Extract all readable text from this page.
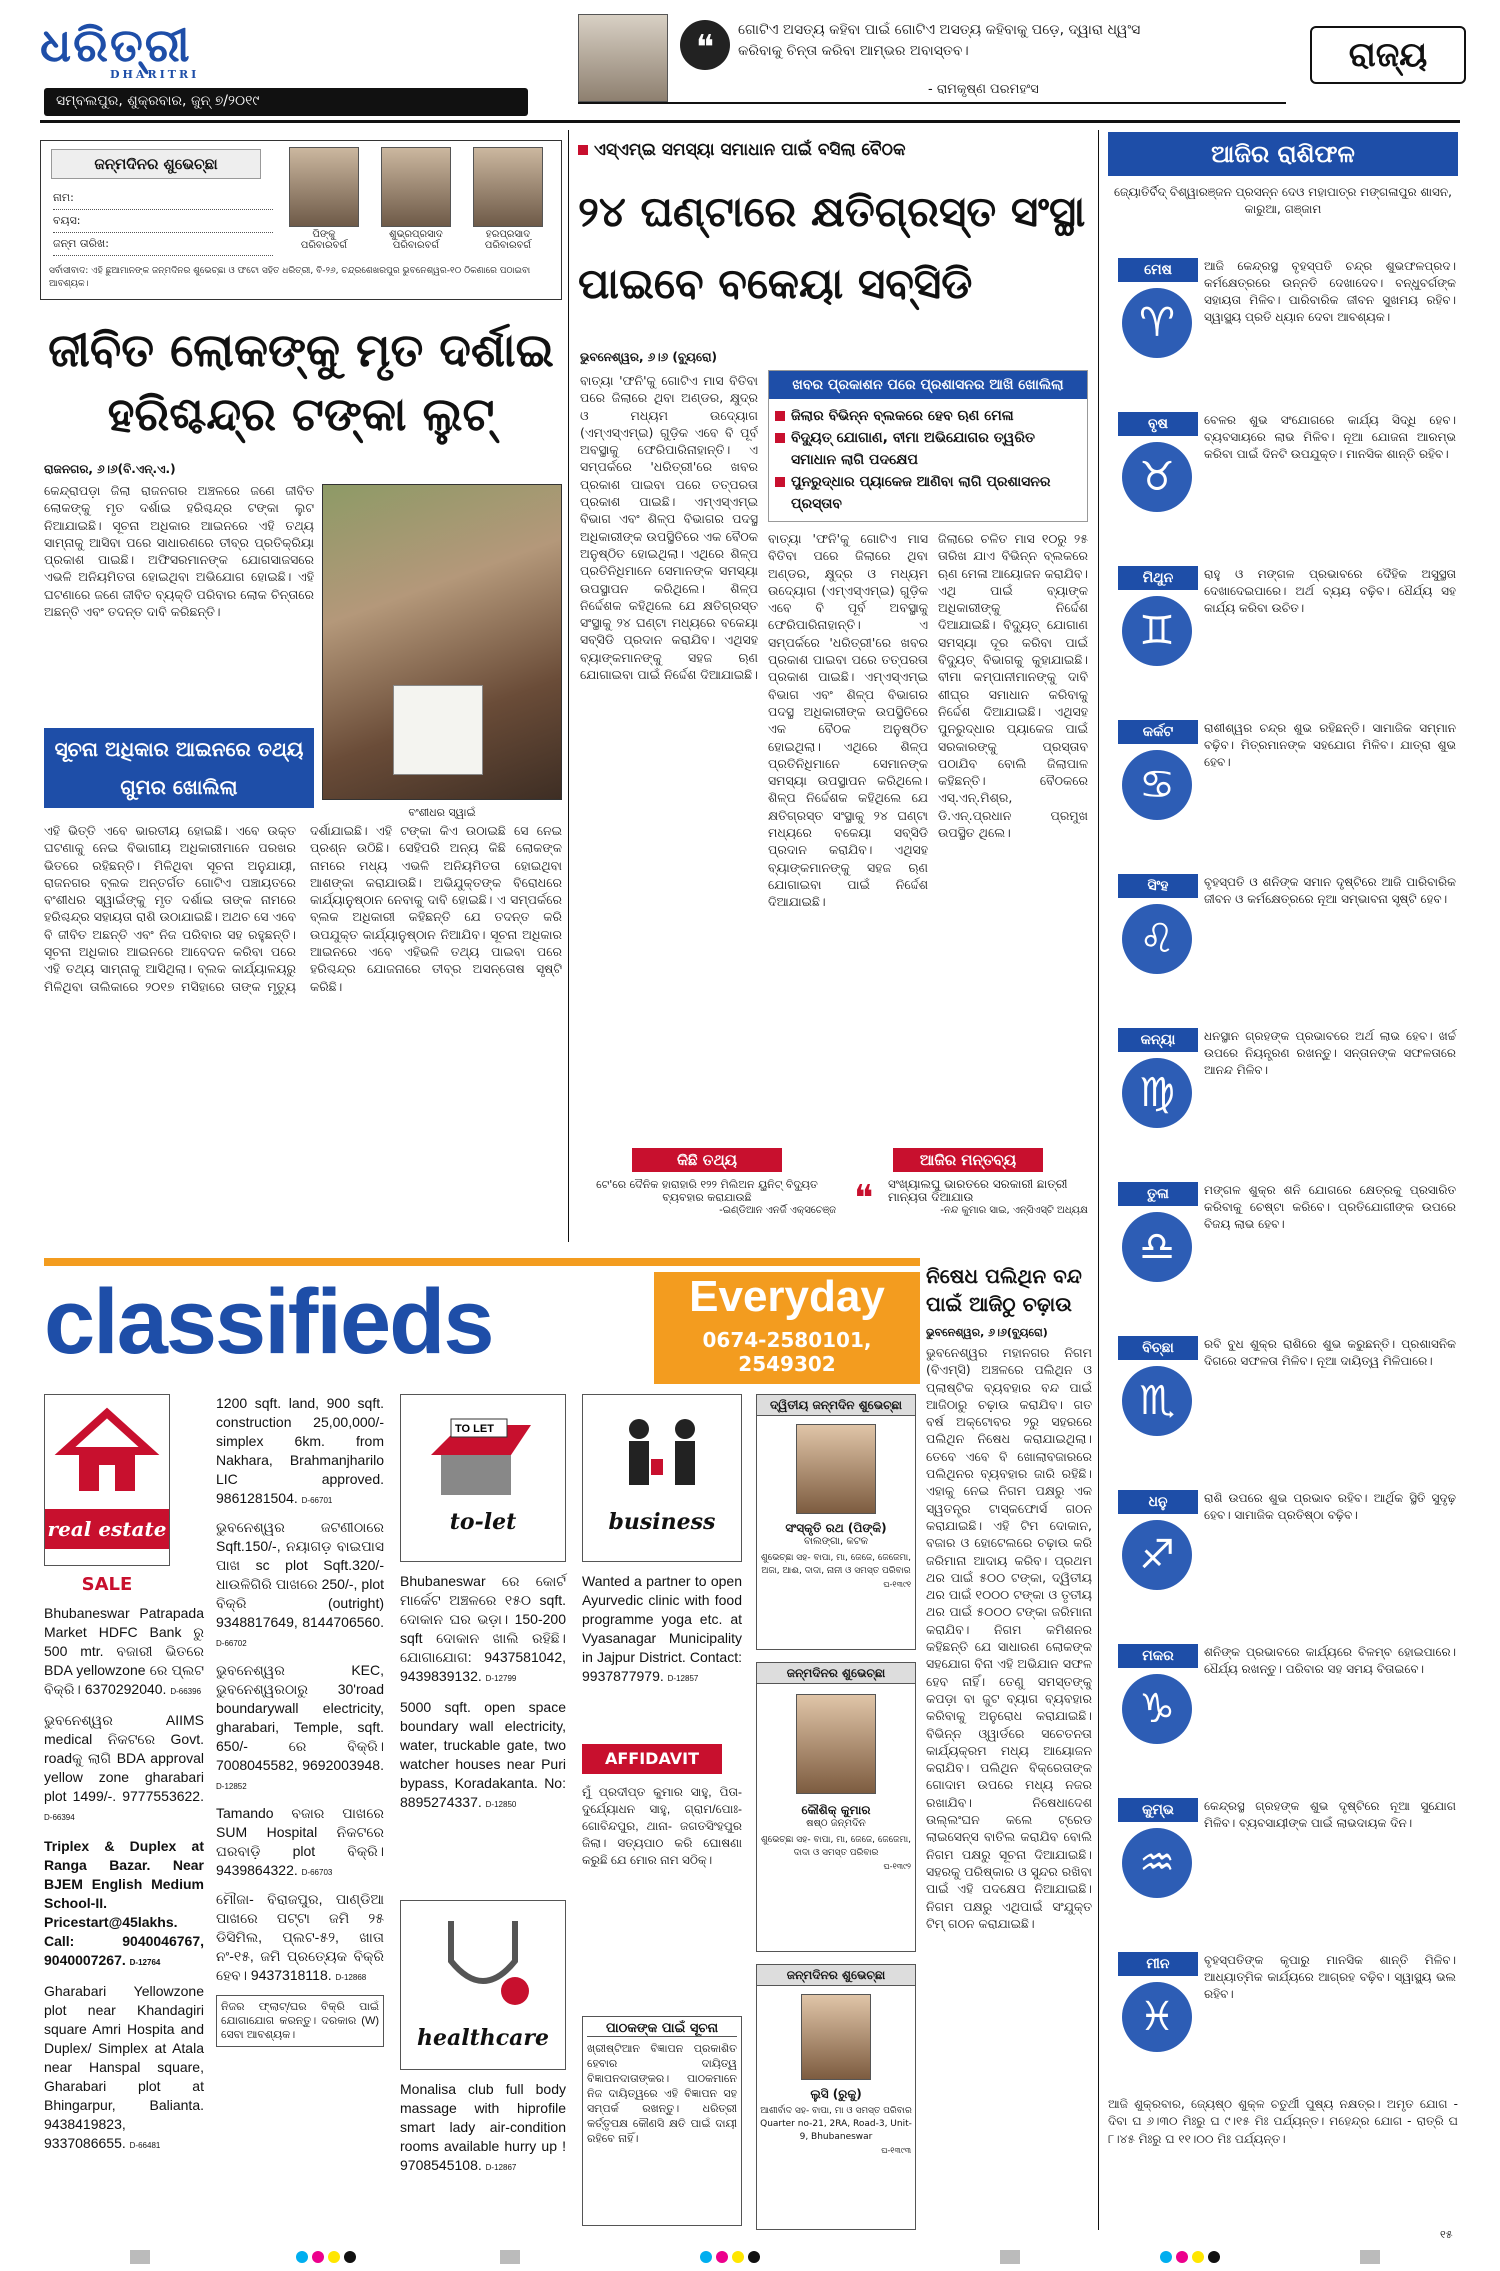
ଧରିତ୍ରୀ
DHARITRI
ସମ୍ବଲପୁର, ଶୁକ୍ରବାର, ଜୁନ୍ ୭/୨୦୧୯
❝	ଗୋଟିଏ ଅସତ୍ୟ କହିବା ପାଇଁ ଗୋଟିଏ ଅସତ୍ୟ କହିବାକୁ ପଡ଼େ, ଦ୍ୱାରା ଧ୍ୱଂସ କରିବାକୁ ଚିନ୍ତା କରିବା ଆମ୍ଭର ଅବାସ୍ତବ।
- ରାମକୃଷ୍ଣ ପରମହଂସ
ରାଜ୍ୟ
ଜନ୍ମଦିନର ଶୁଭେଚ୍ଛା
ନାମ:
ବୟସ:
ଜନ୍ମ ତାରିଖ:
ପିଙ୍କୁ
ପରିବାରବର୍ଗ
ଶୁଭ୍ରପ୍ରସାଦ
ପରିବାରବର୍ଗ
ହରପ୍ରସାଦ
ପରିବାରବର୍ଗ
ସର୍ବାସୀବାଦ: ଏହି ଛୁଆମାନଙ୍କ ଜନ୍ମଦିନର ଶୁଭେଚ୍ଛା ଓ ଫଟୋ ସହିତ ଧରିତ୍ରୀ, ବି-୨୬, ଚନ୍ଦ୍ରଶେଖରପୁର ଭୁବନେଶ୍ୱର-୧୦ ଠିକଣାରେ ପଠାଇବା ଆବଶ୍ୟକ।
ଜୀବିତ ଲୋକଙ୍କୁ ମୃତ ଦର୍ଶାଇ ହରିଶ୍ଚନ୍ଦ୍ର ଟଙ୍କା ଲୁଟ୍
ରାଜନଗର, ୬।୬(ବି.ଏନ୍.ଏ.)
କେନ୍ଦ୍ରାପଡ଼ା ଜିଲା ରାଜନଗର ଅଞ୍ଚଳରେ ଜଣେ ଜୀବିତ ଲୋକଙ୍କୁ ମୃତ ଦର୍ଶାଇ ହରିଶ୍ଚନ୍ଦ୍ର ଟଙ୍କା ଲୁଟ ନିଆଯାଇଛି। ସୂଚନା ଅଧିକାର ଆଇନରେ ଏହି ତଥ୍ୟ ସାମ୍ନାକୁ ଆସିବା ପରେ ସାଧାରଣରେ ତୀବ୍ର ପ୍ରତିକ୍ରିୟା ପ୍ରକାଶ ପାଇଛି। ଅଫିସରମାନଙ୍କ ଯୋଗସାଜସରେ ଏଭଳି ଅନିୟମିତତା ହୋଇଥିବା ଅଭିଯୋଗ ହୋଇଛି। ଏହି ଘଟଣାରେ ଜଣେ ଜୀବିତ ବ୍ୟକ୍ତି ପରିବାର ଲୋକ ଚିନ୍ତାରେ ଅଛନ୍ତି ଏବଂ ତଦନ୍ତ ଦାବି କରିଛନ୍ତି।
ସୂଚନା ଅଧିକାର ଆଇନରେ ତଥ୍ୟ ଗୁମର ଖୋଲିଲା
ବଂଶୀଧର ସ୍ୱାଇଁ
ଏହି ଭିତ୍ତି ଏବେ ଭାରତୀୟ ହୋଇଛି। ଏବେ ଉକ୍ତ ଘଟଣାକୁ ନେଇ ବିଭାଗୀୟ ଅଧିକାରୀମାନେ ପରଖର ଭିତରେ ରହିଛନ୍ତି। ମିଳିଥିବା ସୂଚନା ଅନୁଯାୟୀ, ରାଜନଗର ବ୍ଲକ ଅନ୍ତର୍ଗତ ଗୋଟିଏ ପଞ୍ଚାୟତରେ ବଂଶୀଧର ସ୍ୱାଇଁଙ୍କୁ ମୃତ ଦର୍ଶାଇ ତାଙ୍କ ନାମରେ ହରିଶ୍ଚନ୍ଦ୍ର ସହାୟତା ରାଶି ଉଠାଯାଇଛି। ଅଥଚ ସେ ଏବେ ବି ଜୀବିତ ଅଛନ୍ତି ଏବଂ ନିଜ ପରିବାର ସହ ରହୁଛନ୍ତି। ସୂଚନା ଅଧିକାର ଆଇନରେ ଆବେଦନ କରିବା ପରେ ଏହି ତଥ୍ୟ ସାମ୍ନାକୁ ଆସିଥିଲା। ବ୍ଲକ କାର୍ଯ୍ୟାଳୟରୁ ମିଳିଥିବା ତାଲିକାରେ ୨୦୧୭ ମସିହାରେ ତାଙ୍କ ମୃତ୍ୟୁ ଦର୍ଶାଯାଇଛି। ଏହି ଟଙ୍କା କିଏ ଉଠାଇଛି ସେ ନେଇ ପ୍ରଶ୍ନ ଉଠିଛି। ସେହିପରି ଅନ୍ୟ କିଛି ଲୋକଙ୍କ ନାମରେ ମଧ୍ୟ ଏଭଳି ଅନିୟମିତତା ହୋଇଥିବା ଆଶଙ୍କା କରାଯାଉଛି। ଅଭିଯୁକ୍ତଙ୍କ ବିରୋଧରେ କାର୍ଯ୍ୟାନୁଷ୍ଠାନ ନେବାକୁ ଦାବି ହୋଇଛି। ଏ ସମ୍ପର୍କରେ ବ୍ଲକ ଅଧିକାରୀ କହିଛନ୍ତି ଯେ ତଦନ୍ତ କରି ଉପଯୁକ୍ତ କାର୍ଯ୍ୟାନୁଷ୍ଠାନ ନିଆଯିବ। ସୂଚନା ଅଧିକାର ଆଇନରେ ଏବେ ଏହିଭଳି ତଥ୍ୟ ପାଇବା ପରେ ହରିଶ୍ଚନ୍ଦ୍ର ଯୋଜନାରେ ତୀବ୍ର ଅସନ୍ତୋଷ ସୃଷ୍ଟି କରିଛି।
ଏସ୍ଏମ୍ଇ ସମସ୍ୟା ସମାଧାନ ପାଇଁ ବସିଲା ବୈଠକ
୨୪ ଘଣ୍ଟାରେ କ୍ଷତିଗ୍ରସ୍ତ ସଂସ୍ଥା ପାଇବେ ବକେୟା ସବ୍ସିଡି
ଭୁବନେଶ୍ୱର, ୬।୬ (ବ୍ୟୁରୋ)
ଖବର ପ୍ରକାଶନ ପରେ ପ୍ରଶାସନର ଆଖି ଖୋଲିଲା
ଜିଲାର ବିଭିନ୍ନ ବ୍ଲକରେ ହେବ ଋଣ ମେଳା
ବିଦ୍ୟୁତ୍ ଯୋଗାଣ, ବୀମା ଅଭିଯୋଗର ତ୍ୱରିତ ସମାଧାନ ଲାଗି ପଦକ୍ଷେପ
ପୁନରୁଦ୍ଧାର ପ୍ୟାକେଜ ଆଣିବା ଲାଗି ପ୍ରଶାସନର ପ୍ରସ୍ତାବ
ବାତ୍ୟା 'ଫନି'କୁ ଗୋଟିଏ ମାସ ବିତିବା ପରେ ଜିଲାରେ ଥିବା ଅଣ୍ଡର, କ୍ଷୁଦ୍ର ଓ ମଧ୍ୟମ ଉଦ୍ୟୋଗ (ଏମ୍ଏସ୍ଏମ୍ଇ) ଗୁଡ଼ିକ ଏବେ ବି ପୂର୍ବ ଅବସ୍ଥାକୁ ଫେରିପାରିନାହାନ୍ତି। ଏ ସମ୍ପର୍କରେ 'ଧରିତ୍ରୀ'ରେ ଖବର ପ୍ରକାଶ ପାଇବା ପରେ ତତ୍ପରତା ପ୍ରକାଶ ପାଇଛି। ଏମ୍ଏସ୍ଏମ୍ଇ ବିଭାଗ ଏବଂ ଶିଳ୍ପ ବିଭାଗର ପଦସ୍ଥ ଅଧିକାରୀଙ୍କ ଉପସ୍ଥିତିରେ ଏକ ବୈଠକ ଅନୁଷ୍ଠିତ ହୋଇଥିଲା। ଏଥିରେ ଶିଳ୍ପ ପ୍ରତିନିଧିମାନେ ସେମାନଙ୍କ ସମସ୍ୟା ଉପସ୍ଥାପନ କରିଥିଲେ। ଶିଳ୍ପ ନିର୍ଦ୍ଦେଶକ କହିଥିଲେ ଯେ କ୍ଷତିଗ୍ରସ୍ତ ସଂସ୍ଥାକୁ ୨୪ ଘଣ୍ଟା ମଧ୍ୟରେ ବକେୟା ସବ୍ସିଡି ପ୍ରଦାନ କରାଯିବ। ଏଥିସହ ବ୍ୟାଙ୍କମାନଙ୍କୁ ସହଜ ଋଣ ଯୋଗାଇବା ପାଇଁ ନିର୍ଦ୍ଦେଶ ଦିଆଯାଇଛି।
ବାତ୍ୟା 'ଫନି'କୁ ଗୋଟିଏ ମାସ ବିତିବା ପରେ ଜିଲାରେ ଥିବା ଅଣ୍ଡର, କ୍ଷୁଦ୍ର ଓ ମଧ୍ୟମ ଉଦ୍ୟୋଗ (ଏମ୍ଏସ୍ଏମ୍ଇ) ଗୁଡ଼ିକ ଏବେ ବି ପୂର୍ବ ଅବସ୍ଥାକୁ ଫେରିପାରିନାହାନ୍ତି। ଏ ସମ୍ପର୍କରେ 'ଧରିତ୍ରୀ'ରେ ଖବର ପ୍ରକାଶ ପାଇବା ପରେ ତତ୍ପରତା ପ୍ରକାଶ ପାଇଛି। ଏମ୍ଏସ୍ଏମ୍ଇ ବିଭାଗ ଏବଂ ଶିଳ୍ପ ବିଭାଗର ପଦସ୍ଥ ଅଧିକାରୀଙ୍କ ଉପସ୍ଥିତିରେ ଏକ ବୈଠକ ଅନୁଷ୍ଠିତ ହୋଇଥିଲା। ଏଥିରେ ଶିଳ୍ପ ପ୍ରତିନିଧିମାନେ ସେମାନଙ୍କ ସମସ୍ୟା ଉପସ୍ଥାପନ କରିଥିଲେ। ଶିଳ୍ପ ନିର୍ଦ୍ଦେଶକ କହିଥିଲେ ଯେ କ୍ଷତିଗ୍ରସ୍ତ ସଂସ୍ଥାକୁ ୨୪ ଘଣ୍ଟା ମଧ୍ୟରେ ବକେୟା ସବ୍ସିଡି ପ୍ରଦାନ କରାଯିବ। ଏଥିସହ ବ୍ୟାଙ୍କମାନଙ୍କୁ ସହଜ ଋଣ ଯୋଗାଇବା ପାଇଁ ନିର୍ଦ୍ଦେଶ ଦିଆଯାଇଛି।
ଜିଲାରେ ଚଳିତ ମାସ ୧୦ରୁ ୨୫ ତାରିଖ ଯାଏ ବିଭିନ୍ନ ବ୍ଲକରେ ଋଣ ମେଳା ଆୟୋଜନ କରାଯିବ। ଏଥି ପାଇଁ ବ୍ୟାଙ୍କ ଅଧିକାରୀଙ୍କୁ ନିର୍ଦ୍ଦେଶ ଦିଆଯାଇଛି। ବିଦ୍ୟୁତ୍ ଯୋଗାଣ ସମସ୍ୟା ଦୂର କରିବା ପାଇଁ ବିଦ୍ୟୁତ୍ ବିଭାଗକୁ କୁହାଯାଇଛି। ବୀମା କମ୍ପାନୀମାନଙ୍କୁ ଦାବି ଶୀଘ୍ର ସମାଧାନ କରିବାକୁ ନିର୍ଦ୍ଦେଶ ଦିଆଯାଇଛି। ଏଥିସହ ପୁନରୁଦ୍ଧାର ପ୍ୟାକେଜ ପାଇଁ ସରକାରଙ୍କୁ ପ୍ରସ୍ତାବ ପଠାଯିବ ବୋଲି ଜିଲାପାଳ କହିଛନ୍ତି। ବୈଠକରେ ଏସ୍.ଏନ୍.ମିଶ୍ର, ଡି.ଏନ୍.ପ୍ରଧାନ ପ୍ରମୁଖ ଉପସ୍ଥିତ ଥିଲେ।
କିଛି ତଥ୍ୟ
ଟେ'ରେ ଦୈନିକ ହାରାହାରି ୧୨୨ ମିଲିଅନ ୟୁନିଟ୍ ବିଦ୍ୟୁତ ବ୍ୟବହାର କରାଯାଉଛି
-ଇଣ୍ଡିଆନ ଏନର୍ଜି ଏକ୍ସଚେଞ୍ଜ
ଆଜିର ମନ୍ତବ୍ୟ
❝ ସଂଖ୍ୟାଲଘୁ ଭାରତରେ ସରକାରୀ ଛାତ୍ରୀ ମାନ୍ୟତା ଦିଆଯାଉ
-ନନ୍ଦ କୁମାର ସାଇ, ଏନ୍ସିଏସ୍ଟି ଅଧ୍ୟକ୍ଷ
ଆଜିର ରାଶିଫଳ
ଜ୍ୟୋତିର୍ବିଦ୍ ବିଶ୍ୱାରଞ୍ଜନ ପ୍ରସନ୍ନ ଦେଓ ମହାପାତ୍ର ମଙ୍ଗଳାପୁର ଶାସନ, କାରୁଆ, ଗଞ୍ଜାମ
ମେଷ
♈
ଆଜି କେନ୍ଦ୍ରସ୍ଥ ବୃହସ୍ପତି ଚନ୍ଦ୍ର ଶୁଭଫଳପ୍ରଦ। କର୍ମକ୍ଷେତ୍ରରେ ଉନ୍ନତି ଦେଖାଦେବ। ବନ୍ଧୁବର୍ଗଙ୍କ ସହାୟତା ମିଳିବ। ପାରିବାରିକ ଜୀବନ ସୁଖମୟ ରହିବ। ସ୍ୱାସ୍ଥ୍ୟ ପ୍ରତି ଧ୍ୟାନ ଦେବା ଆବଶ୍ୟକ।
ବୃଷ
♉
ବେଳର ଶୁଭ ସଂଯୋଗରେ କାର୍ଯ୍ୟ ସିଦ୍ଧି ହେବ। ବ୍ୟବସାୟରେ ଲାଭ ମିଳିବ। ନୂଆ ଯୋଜନା ଆରମ୍ଭ କରିବା ପାଇଁ ଦିନଟି ଉପଯୁକ୍ତ। ମାନସିକ ଶାନ୍ତି ରହିବ।
ମିଥୁନ
♊
ରାହୁ ଓ ମଙ୍ଗଳ ପ୍ରଭାବରେ ଦୈହିକ ଅସୁସ୍ଥତା ଦେଖାଦେଇପାରେ। ଅର୍ଥ ବ୍ୟୟ ବଢ଼ିବ। ଧୈର୍ଯ୍ୟ ସହ କାର୍ଯ୍ୟ କରିବା ଉଚିତ।
କର୍କଟ
♋
ରାଶୀଶ୍ୱର ଚନ୍ଦ୍ର ଶୁଭ ରହିଛନ୍ତି। ସାମାଜିକ ସମ୍ମାନ ବଢ଼ିବ। ମିତ୍ରମାନଙ୍କ ସହଯୋଗ ମିଳିବ। ଯାତ୍ରା ଶୁଭ ହେବ।
ସିଂହ
♌
ବୃହସ୍ପତି ଓ ଶନିଙ୍କ ସମାନ ଦୃଷ୍ଟିରେ ଆଜି ପାରିବାରିକ ଜୀବନ ଓ କର୍ମକ୍ଷେତ୍ରରେ ନୂଆ ସମ୍ଭାବନା ସୃଷ୍ଟି ହେବ।
କନ୍ୟା
♍
ଧନସ୍ଥାନ ଗ୍ରହଙ୍କ ପ୍ରଭାବରେ ଅର୍ଥ ଲାଭ ହେବ। ଖର୍ଚ୍ଚ ଉପରେ ନିୟନ୍ତ୍ରଣ ରଖନ୍ତୁ। ସନ୍ତାନଙ୍କ ସଫଳତାରେ ଆନନ୍ଦ ମିଳିବ।
ତୁଳା
♎
ମଙ୍ଗଳ ଶୁକ୍ର ଶନି ଯୋଗରେ କ୍ଷେତ୍ରକୁ ପ୍ରସାରିତ କରିବାକୁ ଚେଷ୍ଟା କରିବେ। ପ୍ରତିଯୋଗୀଙ୍କ ଉପରେ ବିଜୟ ଲାଭ ହେବ।
ବିଚ୍ଛା
♏
ରବି ବୁଧ ଶୁକ୍ର ରାଶିରେ ଶୁଭ କରୁଛନ୍ତି। ପ୍ରଶାସନିକ ଦିଗରେ ସଫଳତା ମିଳିବ। ନୂଆ ଦାୟିତ୍ୱ ମିଳିପାରେ।
ଧନୁ
♐
ରାଶି ଉପରେ ଶୁଭ ପ୍ରଭାବ ରହିବ। ଆର୍ଥିକ ସ୍ଥିତି ସୁଦୃଢ଼ ହେବ। ସାମାଜିକ ପ୍ରତିଷ୍ଠା ବଢ଼ିବ।
ମକର
♑
ଶନିଙ୍କ ପ୍ରଭାବରେ କାର୍ଯ୍ୟରେ ବିଳମ୍ବ ହୋଇପାରେ। ଧୈର୍ଯ୍ୟ ରଖନ୍ତୁ। ପରିବାର ସହ ସମୟ ବିତାଇବେ।
କୁମ୍ଭ
♒
କେନ୍ଦ୍ରସ୍ଥ ଗ୍ରହଙ୍କ ଶୁଭ ଦୃଷ୍ଟିରେ ନୂଆ ସୁଯୋଗ ମିଳିବ। ବ୍ୟବସାୟୀଙ୍କ ପାଇଁ ଲାଭଦାୟକ ଦିନ।
ମୀନ
♓
ବୃହସ୍ପତିଙ୍କ କୃପାରୁ ମାନସିକ ଶାନ୍ତି ମିଳିବ। ଆଧ୍ୟାତ୍ମିକ କାର୍ଯ୍ୟରେ ଆଗ୍ରହ ବଢ଼ିବ। ସ୍ୱାସ୍ଥ୍ୟ ଭଲ ରହିବ।
ଆଜି ଶୁକ୍ରବାର, ଜ୍ୟେଷ୍ଠ ଶୁକ୍ଳ ଚତୁର୍ଥୀ ପୁଷ୍ୟ ନକ୍ଷତ୍ର। ଅମୃତ ଯୋଗ - ଦିବା ଘ ୬।୩୦ ମିଃରୁ ଘ ୯।୧୫ ମିଃ ପର୍ଯ୍ୟନ୍ତ। ମହେନ୍ଦ୍ର ଯୋଗ - ରାତ୍ରି ଘ ୮।୪୫ ମିଃରୁ ଘ ୧୧।୦୦ ମିଃ ପର୍ଯ୍ୟନ୍ତ।
୧୫
classifieds	Everyday
0674-2580101, 2549302
real estate
SALE
Bhubaneswar Patrapada Market HDFC Bank ରୁ 500 mtr. ବଜାରୀ ଭିତରେ BDA yellowzone ରେ ପ୍ଲଟ ବିକ୍ରି। 6370292040. D-66396
ଭୁବନେଶ୍ୱର AIIMS medical ନିକଟରେ Govt. roadକୁ ଲାଗି BDA approval yellow zone gharabari plot 1499/-. 9777553622. D-66394
Triplex & Duplex at Ranga Bazar. Near BJEM English Medium School-II. Pricestart@45lakhs. Call: 9040046767, 9040007267. D-12764
Gharabari Yellowzone plot near Khandagiri square Amri Hospita and Duplex/ Simplex at Atala near Hanspal square, Gharabari plot at Bhingarpur, Balianta. 9438419823, 9337086655. D-66481
1200 sqft. land, 900 sqft. construction 25,00,000/- simplex 6km. from Nakhara, Brahmanjharilo LIC approved. 9861281504. D-66701
ଭୁବନେଶ୍ୱର ଜଟଣୀଠାରେ Sqft.150/-, ନୟାଗଡ଼ ବାଇପାସ ପାଖ sc plot Sqft.320/- ଧାଉଳିଗିରି ପାଖରେ 250/-, plot ବିକ୍ରି (outright) 9348817649, 8144706560. D-66702
ଭୁବନେଶ୍ୱର KEC, ଭୁବନେଶ୍ୱରଠାରୁ 30'road boundarywall electricity, gharabari, Temple, sqft. 650/- ରେ ବିକ୍ରି। 7008045582, 9692003948. D-12852
Tamando ବଜାର ପାଖରେ SUM Hospital ନିକଟରେ ଘରବାଡ଼ି plot ବିକ୍ରି। 9439864322. D-66703
ମୌଜା- ବିରାଜପୁର, ପାଣ୍ଡିଆ ପାଖରେ ପଟ୍ଟା ଜମି ୨୫ ଡିସିମିଲ, ପ୍ଲଟ-୫୨, ଖାତା ନଂ-୧୫, ଜମି ପ୍ରତ୍ୟେକ ବିକ୍ରି ହେବ। 9437318118. D-12868
ନିଜର ଫ୍ଲାଟ୍/ଘର ବିକ୍ରି ପାଇଁ ଯୋଗାଯୋଗ କରନ୍ତୁ। ଦରକାର (W) ସେବା ଆବଶ୍ୟକ।
TO LET
to-let
Bhubaneswar ରେ କୋର୍ଟ ମାର୍କେଟ ଅଞ୍ଚଳରେ ୧୫୦ sqft. ଦୋକାନ ଘର ଭଡ଼ା। 150-200 sqft ଦୋକାନ ଖାଲି ରହିଛି। ଯୋଗାଯୋଗ: 9437581042, 9439839132. D-12799
5000 sqft. open space boundary wall electricity, water, truckable gate, two watcher houses near Puri bypass, Koradakanta. No: 8895274337. D-12850
healthcare
Monalisa club full body massage with hiprofile smart lady air-condition rooms available hurry up ! 9708545108. D-12867
business
Wanted a partner to open Ayurvedic clinic with food programme yoga etc. at Vyasanagar Municipality in Jajpur District. Contact: 9937877979. D-12857
AFFIDAVIT
ମୁଁ ପ୍ରଦୀପ୍ତ କୁମାର ସାହୁ, ପିତା- ଦୁର୍ଯ୍ୟୋଧନ ସାହୁ, ଗ୍ରାମ/ପୋଃ- ଗୋବିନ୍ଦପୁର, ଥାନା- ଜଗତସିଂହପୁର ଜିଲା। ସତ୍ୟପାଠ କରି ଘୋଷଣା କରୁଛି ଯେ ମୋର ନାମ ସଠିକ୍।
ପାଠକଙ୍କ ପାଇଁ ସୂଚନା
ଖ୍ରୀଷ୍ଟିଆନ ବିଜ୍ଞାପନ ପ୍ରକାଶିତ ହେବାର ଦାୟିତ୍ୱ ବିଜ୍ଞାପନଦାତାଙ୍କର। ପାଠକମାନେ ନିଜ ଦାୟିତ୍ୱରେ ଏହି ବିଜ୍ଞାପନ ସହ ସମ୍ପର୍କ ରଖନ୍ତୁ। ଧରିତ୍ରୀ କର୍ତ୍ତୃପକ୍ଷ କୌଣସି କ୍ଷତି ପାଇଁ ଦାୟୀ ରହିବେ ନାହିଁ।
ଦ୍ୱିତୀୟ ଜନ୍ମଦିନ ଶୁଭେଚ୍ଛା
ସଂସ୍କୃତି ରଥ (ପିଙ୍କି)
ବାଲଙ୍ଗା, କଟକ
ଶୁଭେଚ୍ଛା ସହ- ବାପା, ମା, ଜେଜେ, ଜେଜେମା, ଅଜା, ଆଈ, ଦାଦା, ନାନୀ ଓ ସମସ୍ତ ପରିବାର
ଘ-୧୩୯୧
ଜନ୍ମଦିନର ଶୁଭେଚ୍ଛା
କୌଶିକ୍ କୁମାର
ଷଷ୍ଠ ଜନ୍ମଦିନ
ଶୁଭେଚ୍ଛା ସହ- ବାପା, ମା, ଜେଜେ, ଜେଜେମା, ଦାଦା ଓ ସମସ୍ତ ପରିବାର
ଘ-୧୩୯୨
ଜନ୍ମଦିନର ଶୁଭେଚ୍ଛା
ଲୁସି (ରୁକୁ)
ଆଶୀର୍ବାଦ ସହ- ବାପା, ମା ଓ ସମସ୍ତ ପରିବାର
Quarter no-21, 2RA, Road-3, Unit-9, Bhubaneswar
ଘ-୧୩୯୩
ନିଷେଧ ପଲିଥିନ ବନ୍ଦ ପାଇଁ ଆଜିଠୁ ଚଢ଼ାଉ
ଭୁବନେଶ୍ୱର, ୬।୬(ବ୍ୟୁରୋ)
ଭୁବନେଶ୍ୱର ମହାନଗର ନିଗମ (ବିଏମ୍ସି) ଅଞ୍ଚଳରେ ପଲିଥିନ ଓ ପ୍ଲାଷ୍ଟିକ ବ୍ୟବହାର ବନ୍ଦ ପାଇଁ ଆଜିଠାରୁ ଚଢ଼ାଉ କରାଯିବ। ଗତ ବର୍ଷ ଅକ୍ଟୋବର ୨ରୁ ସହରରେ ପଲିଥିନ ନିଷେଧ କରାଯାଇଥିଲା। ତେବେ ଏବେ ବି ଖୋଲାବଜାରରେ ପଲିଥିନର ବ୍ୟବହାର ଜାରି ରହିଛି। ଏହାକୁ ନେଇ ନିଗମ ପକ୍ଷରୁ ଏକ ସ୍ୱତନ୍ତ୍ର ଟାସ୍କଫୋର୍ସ ଗଠନ କରାଯାଇଛି। ଏହି ଟିମ ଦୋକାନ, ବଜାର ଓ ହୋଟେଲରେ ଚଢ଼ାଉ କରି ଜରିମାନା ଆଦାୟ କରିବ। ପ୍ରଥମ ଥର ପାଇଁ ୫୦୦ ଟଙ୍କା, ଦ୍ୱିତୀୟ ଥର ପାଇଁ ୧୦୦୦ ଟଙ୍କା ଓ ତୃତୀୟ ଥର ପାଇଁ ୫୦୦୦ ଟଙ୍କା ଜରିମାନା କରାଯିବ। ନିଗମ କମିଶନର କହିଛନ୍ତି ଯେ ସାଧାରଣ ଲୋକଙ୍କ ସହଯୋଗ ବିନା ଏହି ଅଭିଯାନ ସଫଳ ହେବ ନାହିଁ। ତେଣୁ ସମସ୍ତଙ୍କୁ କପଡ଼ା ବା ଜୁଟ ବ୍ୟାଗ ବ୍ୟବହାର କରିବାକୁ ଅନୁରୋଧ କରାଯାଇଛି। ବିଭିନ୍ନ ଓ୍ୱାର୍ଡରେ ସଚେତନତା କାର୍ଯ୍ୟକ୍ରମ ମଧ୍ୟ ଆୟୋଜନ କରାଯିବ। ପଲିଥିନ ବିକ୍ରେତାଙ୍କ ଗୋଦାମ ଉପରେ ମଧ୍ୟ ନଜର ରଖାଯିବ। ନିଷେଧାଦେଶ ଉଲ୍ଲଂଘନ କଲେ ଟ୍ରେଡ ଲାଇସେନ୍ସ ବାତିଲ କରାଯିବ ବୋଲି ନିଗମ ପକ୍ଷରୁ ସୂଚନା ଦିଆଯାଇଛି। ସହରକୁ ପରିଷ୍କାର ଓ ସୁନ୍ଦର ରଖିବା ପାଇଁ ଏହି ପଦକ୍ଷେପ ନିଆଯାଇଛି। ନିଗମ ପକ୍ଷରୁ ଏଥିପାଇଁ ସଂଯୁକ୍ତ ଟିମ୍ ଗଠନ କରାଯାଇଛି।
